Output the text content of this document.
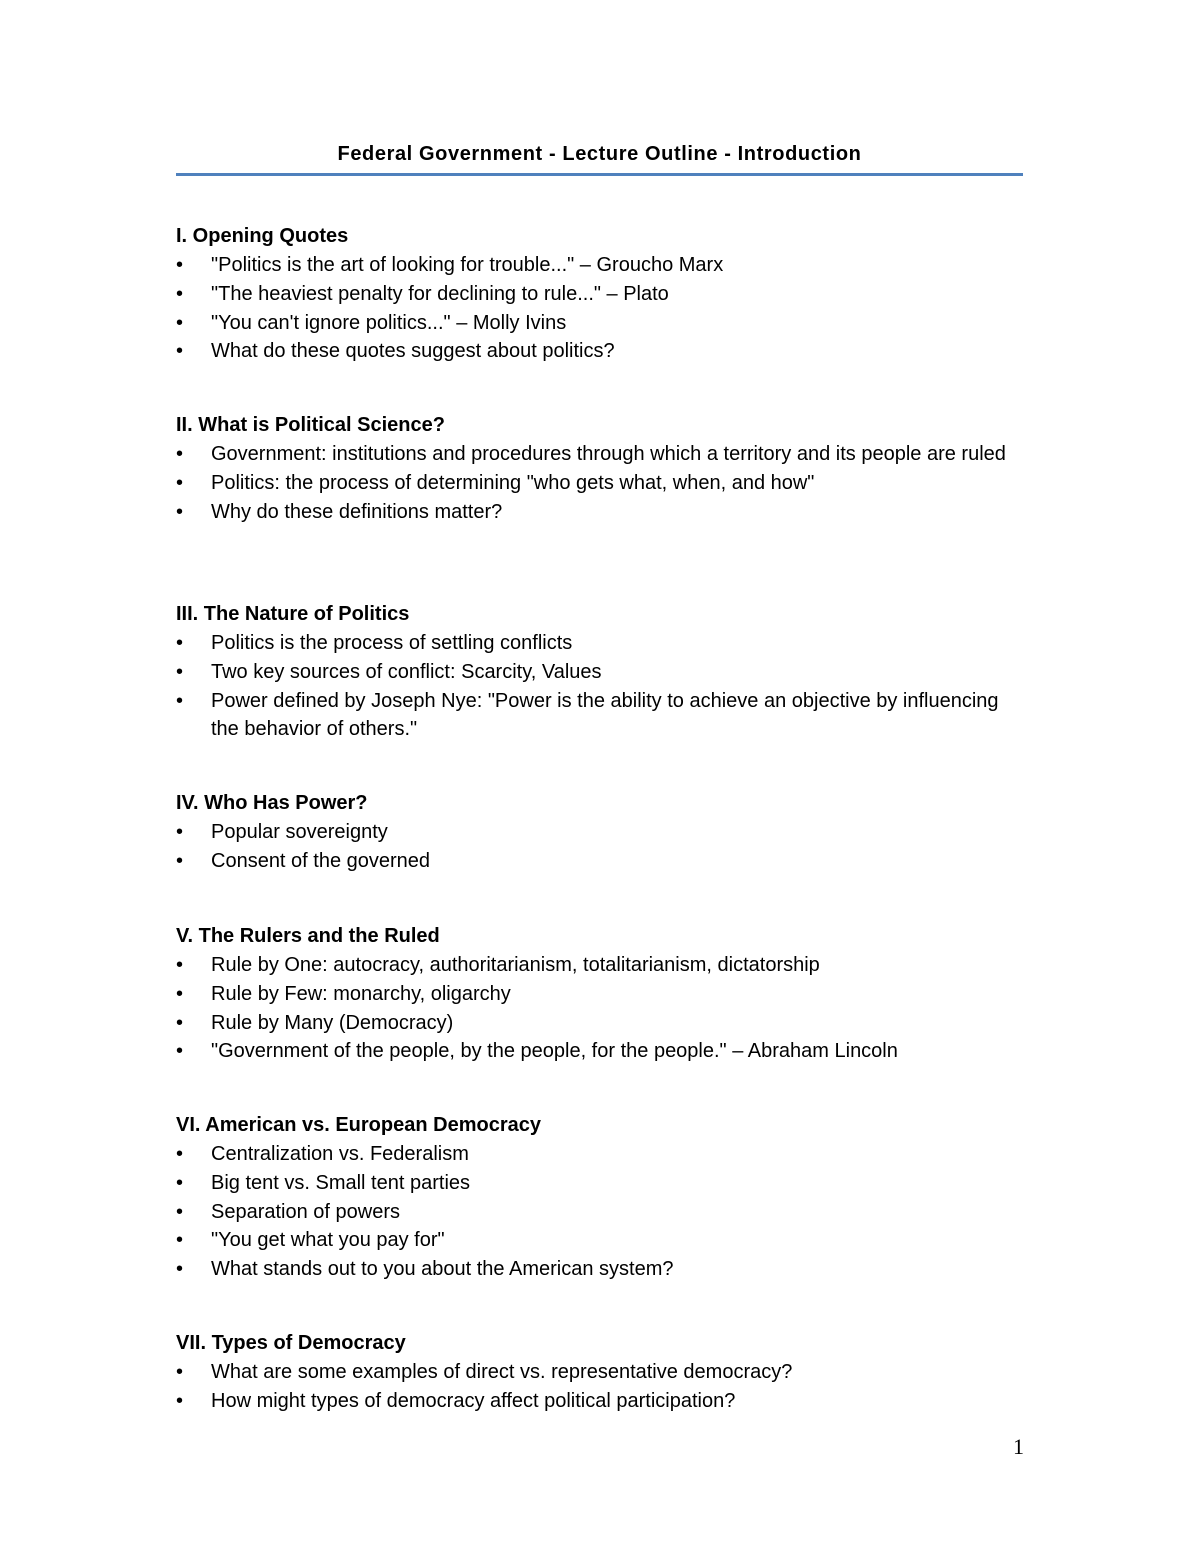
Federal Government - Lecture Outline - Introduction
I. Opening Quotes
• "Politics is the art of looking for trouble..." – Groucho Marx
• "The heaviest penalty for declining to rule..." – Plato
• "You can't ignore politics..." – Molly Ivins
• What do these quotes suggest about politics?
II. What is Political Science?
• Government: institutions and procedures through which a territory and its people are ruled
• Politics: the process of determining "who gets what, when, and how"
• Why do these definitions matter?
III. The Nature of Politics
• Politics is the process of settling conflicts
• Two key sources of conflict: Scarcity, Values
• Power defined by Joseph Nye: "Power is the ability to achieve an objective by influencing the behavior of others."
IV. Who Has Power?
• Popular sovereignty
• Consent of the governed
V. The Rulers and the Ruled
• Rule by One: autocracy, authoritarianism, totalitarianism, dictatorship
• Rule by Few: monarchy, oligarchy
• Rule by Many (Democracy)
• "Government of the people, by the people, for the people." – Abraham Lincoln
VI. American vs. European Democracy
• Centralization vs. Federalism
• Big tent vs. Small tent parties
• Separation of powers
• "You get what you pay for"
• What stands out to you about the American system?
VII. Types of Democracy
• What are some examples of direct vs. representative democracy?
• How might types of democracy affect political participation?
1
